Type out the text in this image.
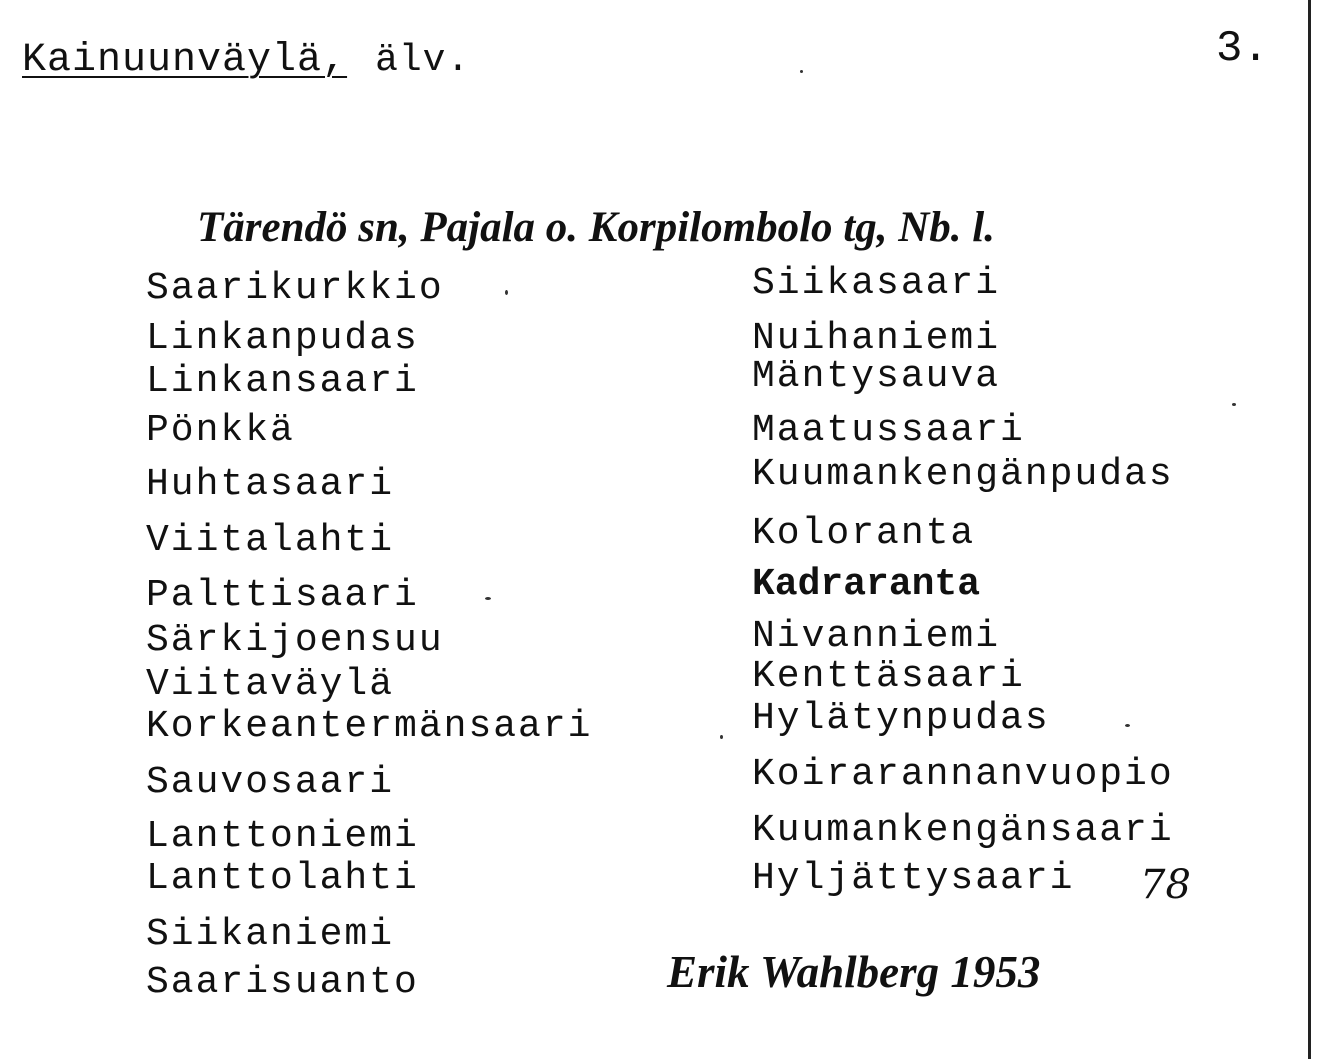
Kainuunväylä, älv.	3.
Tärendö sn, Pajala o. Korpilombolo tg, Nb. l.
Saarikurkkio
Linkanpudas
Linkansaari
Pönkkä
Huhtasaari
Viitalahti
Palttisaari
Särkijoensuu
Viitaväylä
Korkeantermänsaari
Sauvosaari
Lanttoniemi
Lanttolahti
Siikaniemi
Saarisuanto
Siikasaari
Nuihaniemi
Mäntysauva
Maatussaari
Kuumankengänpudas
Koloranta
Kadraranta
Nivanniemi
Kenttäsaari
Hylätynpudas
Koirarannanvuopio
Kuumankengänsaari
Hyljättysaari 78
Erik Wahlberg 1953
